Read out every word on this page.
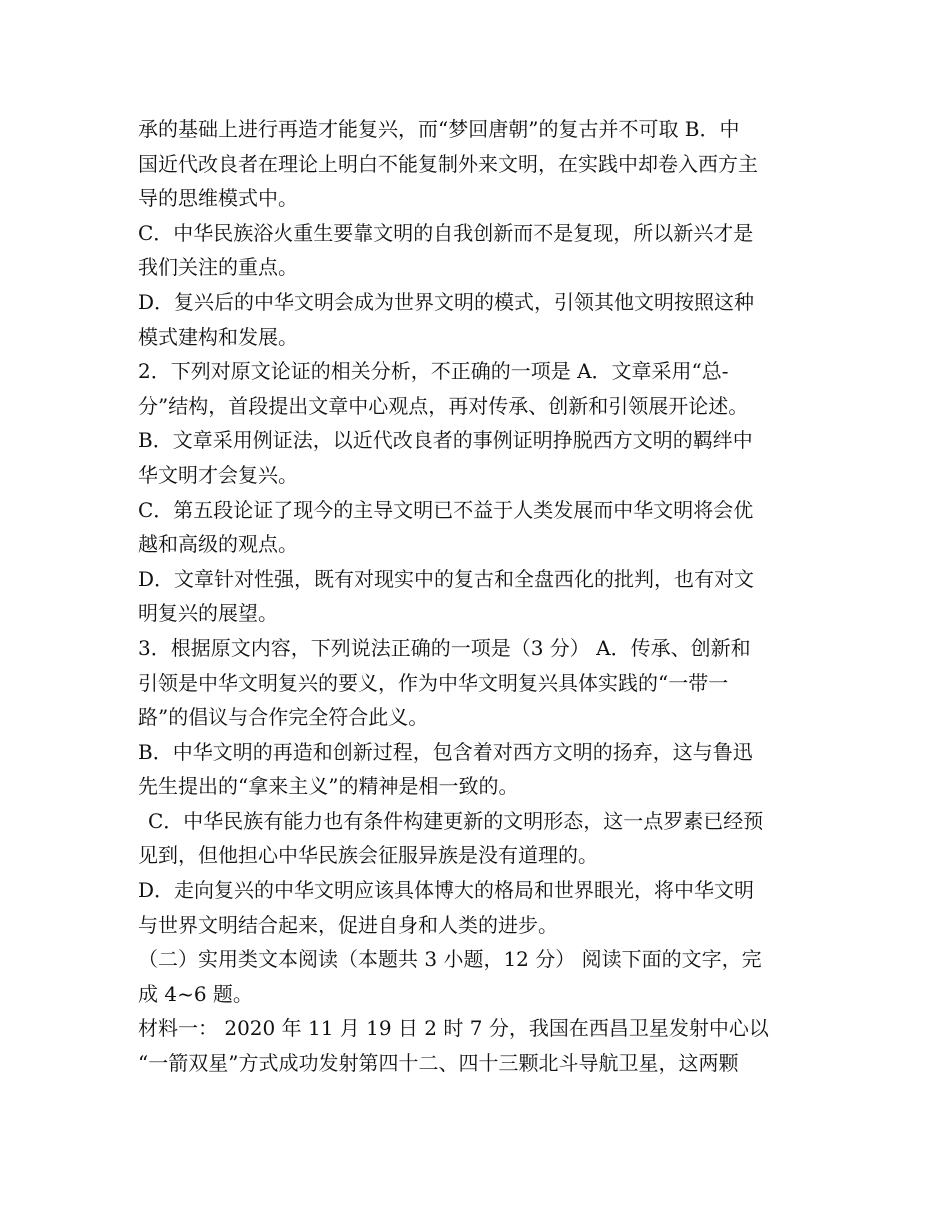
承的基础上进行再造才能复兴，而“梦回唐朝”的复古并不可取 B．中
国近代改良者在理论上明白不能复制外来文明，在实践中却卷入西方主
导的思维模式中。
C．中华民族浴火重生要靠文明的自我创新而不是复现，所以新兴才是
我们关注的重点。
D．复兴后的中华文明会成为世界文明的模式，引领其他文明按照这种
模式建构和发展。
2．下列对原文论证的相关分析，不正确的一项是 A．文章采用“总-
分”结构，首段提出文章中心观点，再对传承、创新和引领展开论述。
B．文章采用例证法，以近代改良者的事例证明挣脱西方文明的羁绊中
华文明才会复兴。
C．第五段论证了现今的主导文明已不益于人类发展而中华文明将会优
越和高级的观点。
D．文章针对性强，既有对现实中的复古和全盘西化的批判，也有对文
明复兴的展望。
3．根据原文内容，下列说法正确的一项是（3 分） A．传承、创新和
引领是中华文明复兴的要义，作为中华文明复兴具体实践的“一带一
路”的倡议与合作完全符合此义。
B．中华文明的再造和创新过程，包含着对西方文明的扬弃，这与鲁迅
先生提出的“拿来主义”的精神是相一致的。
C．中华民族有能力也有条件构建更新的文明形态，这一点罗素已经预
见到，但他担心中华民族会征服异族是没有道理的。
D．走向复兴的中华文明应该具体博大的格局和世界眼光，将中华文明
与世界文明结合起来，促进自身和人类的进步。
（二）实用类文本阅读（本题共 3 小题，12 分） 阅读下面的文字，完
成 4~6 题。
材料一： 2020 年 11 月 19 日 2 时 7 分，我国在西昌卫星发射中心以
“一箭双星”方式成功发射第四十二、四十三颗北斗导航卫星，这两颗
